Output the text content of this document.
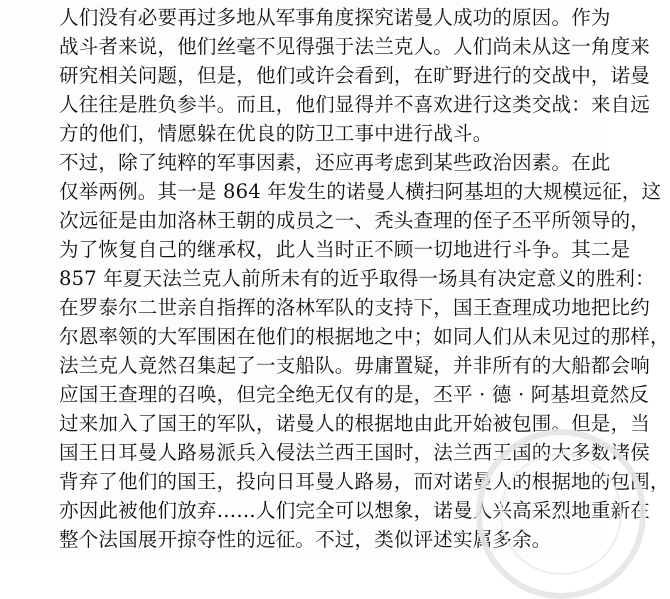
人们没有必要再过多地从军事角度探究诺曼人成功的原因。作为
战斗者来说，他们丝毫不见得强于法兰克人。人们尚未从这一角度来
研究相关问题，但是，他们或许会看到，在旷野进行的交战中，诺曼
人往往是胜负参半。而且，他们显得并不喜欢进行这类交战：来自远
方的他们，情愿躲在优良的防卫工事中进行战斗。
不过，除了纯粹的军事因素，还应再考虑到某些政治因素。在此
仅举两例。其一是 864 年发生的诺曼人横扫阿基坦的大规模远征，这
次远征是由加洛林王朝的成员之一、秃头查理的侄子丕平所领导的，
为了恢复自己的继承权，此人当时正不顾一切地进行斗争。其二是
857 年夏天法兰克人前所未有的近乎取得一场具有决定意义的胜利：
在罗泰尔二世亲自指挥的洛林军队的支持下，国王查理成功地把比约
尔恩率领的大军围困在他们的根据地之中；如同人们从未见过的那样，
法兰克人竟然召集起了一支船队。毋庸置疑，并非所有的大船都会响
应国王查理的召唤，但完全绝无仅有的是，丕平 · 德 · 阿基坦竟然反
过来加入了国王的军队，诺曼人的根据地由此开始被包围。但是，当
国王日耳曼人路易派兵入侵法兰西王国时，法兰西王国的大多数诸侯
背弃了他们的国王，投向日耳曼人路易，而对诺曼人的根据地的包围，
亦因此被他们放弃……人们完全可以想象，诺曼人兴高采烈地重新在
整个法国展开掠夺性的远征。不过，类似评述实属多余。
